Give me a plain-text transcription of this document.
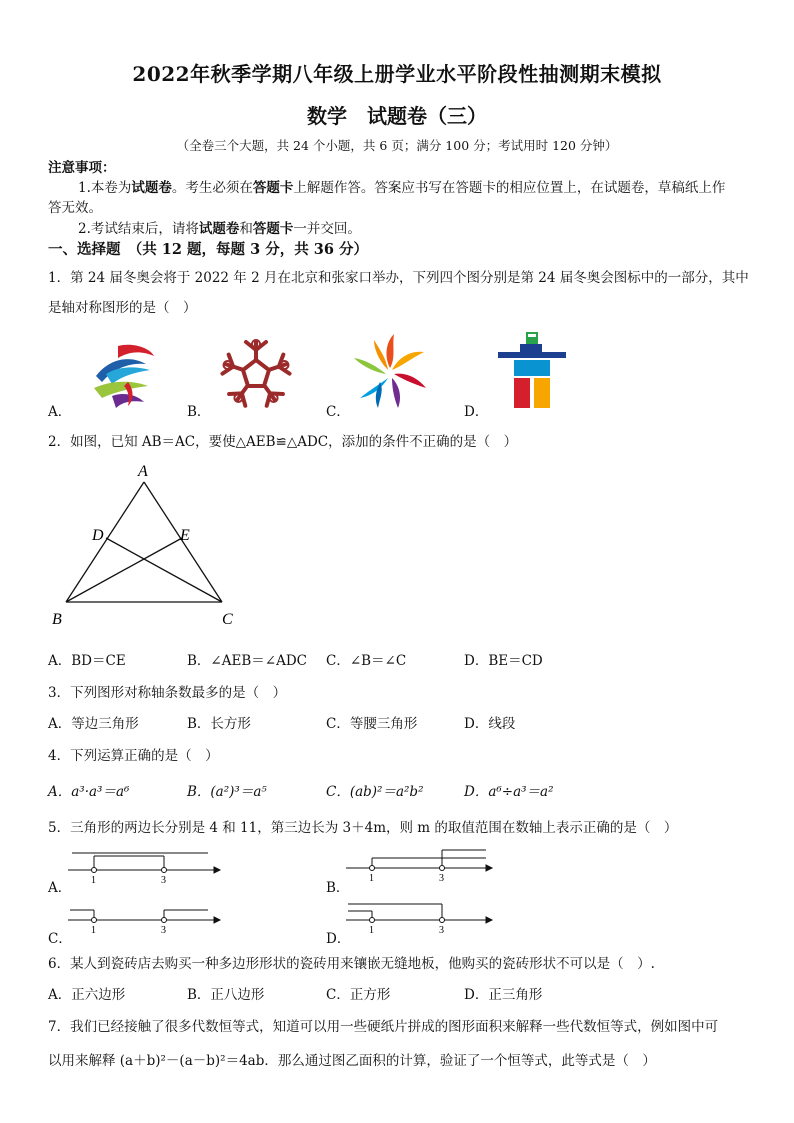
2022年秋季学期八年级上册学业水平阶段性抽测期末模拟
数学　试题卷（三）
（全卷三个大题，共 24 个小题，共 6 页；满分 100 分；考试用时 120 分钟）
注意事项：
1.本卷为试题卷。考生必须在答题卡上解题作答。答案应书写在答题卡的相应位置上，在试题卷，草稿纸上作
答无效。
2.考试结束后，请将试题卷和答题卡一并交回。
一、选择题　（共 12 题，每题 3 分，共 36 分）
1．第 24 届冬奥会将于 2022 年 2 月在北京和张家口举办，下列四个图分别是第 24 届冬奥会图标中的一部分，其中
是轴对称图形的是（　）
A．	B．	C．	D．
2．如图，已知 AB＝AC，要使△AEB≌△ADC，添加的条件不正确的是（　）
A
B	C
D	E
A．BD＝CE	B．∠AEB＝∠ADC C．∠B＝∠C	D．BE＝CD
3．下列图形对称轴条数最多的是（　）
A．等边三角形	B．长方形	C．等腰三角形	D．线段
4．下列运算正确的是（　）
A．a³·a³＝a⁶	B．(a²)³＝a⁵	C．(ab)²＝a²b²	D．a⁶÷a³＝a²
5．三角形的两边长分别是 4 和 11，第三边长为 3＋4m，则 m 的取值范围在数轴上表示正确的是（　）
A．	B．
C．	D．
1	3	1	3
1	3	1	3
6．某人到瓷砖店去购买一种多边形形状的瓷砖用来镶嵌无缝地板，他购买的瓷砖形状不可以是（　）.
A．正六边形	B．正八边形	C．正方形	D．正三角形
7．我们已经接触了很多代数恒等式，知道可以用一些硬纸片拼成的图形面积来解释一些代数恒等式，例如图中可
以用来解释 (a＋b)²－(a－b)²＝4ab．那么通过图乙面积的计算，验证了一个恒等式，此等式是（　）
